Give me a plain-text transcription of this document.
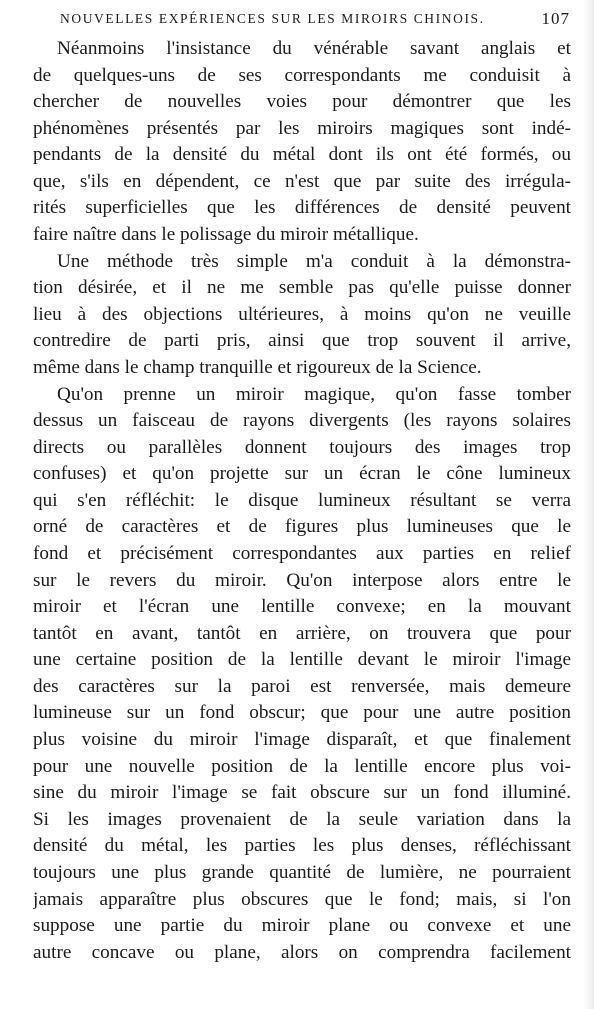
NOUVELLES EXPÉRIENCES SUR LES MIROIRS CHINOIS.	107
Néanmoins l'insistance du vénérable savant anglais et
de quelques-uns de ses correspondants me conduisit à
chercher de nouvelles voies pour démontrer que les
phénomènes présentés par les miroirs magiques sont indé-
pendants de la densité du métal dont ils ont été formés, ou
que, s'ils en dépendent, ce n'est que par suite des irrégula-
rités superficielles que les différences de densité peuvent
faire naître dans le polissage du miroir métallique.
Une méthode très simple m'a conduit à la démonstra-
tion désirée, et il ne me semble pas qu'elle puisse donner
lieu à des objections ultérieures, à moins qu'on ne veuille
contredire de parti pris, ainsi que trop souvent il arrive,
même dans le champ tranquille et rigoureux de la Science.
Qu'on prenne un miroir magique, qu'on fasse tomber
dessus un faisceau de rayons divergents (les rayons solaires
directs ou parallèles donnent toujours des images trop
confuses) et qu'on projette sur un écran le cône lumineux
qui s'en réfléchit: le disque lumineux résultant se verra
orné de caractères et de figures plus lumineuses que le
fond et précisément correspondantes aux parties en relief
sur le revers du miroir. Qu'on interpose alors entre le
miroir et l'écran une lentille convexe; en la mouvant
tantôt en avant, tantôt en arrière, on trouvera que pour
une certaine position de la lentille devant le miroir l'image
des caractères sur la paroi est renversée, mais demeure
lumineuse sur un fond obscur; que pour une autre position
plus voisine du miroir l'image disparaît, et que finalement
pour une nouvelle position de la lentille encore plus voi-
sine du miroir l'image se fait obscure sur un fond illuminé.
Si les images provenaient de la seule variation dans la
densité du métal, les parties les plus denses, réfléchissant
toujours une plus grande quantité de lumière, ne pourraient
jamais apparaître plus obscures que le fond; mais, si l'on
suppose une partie du miroir plane ou convexe et une
autre concave ou plane, alors on comprendra facilement
